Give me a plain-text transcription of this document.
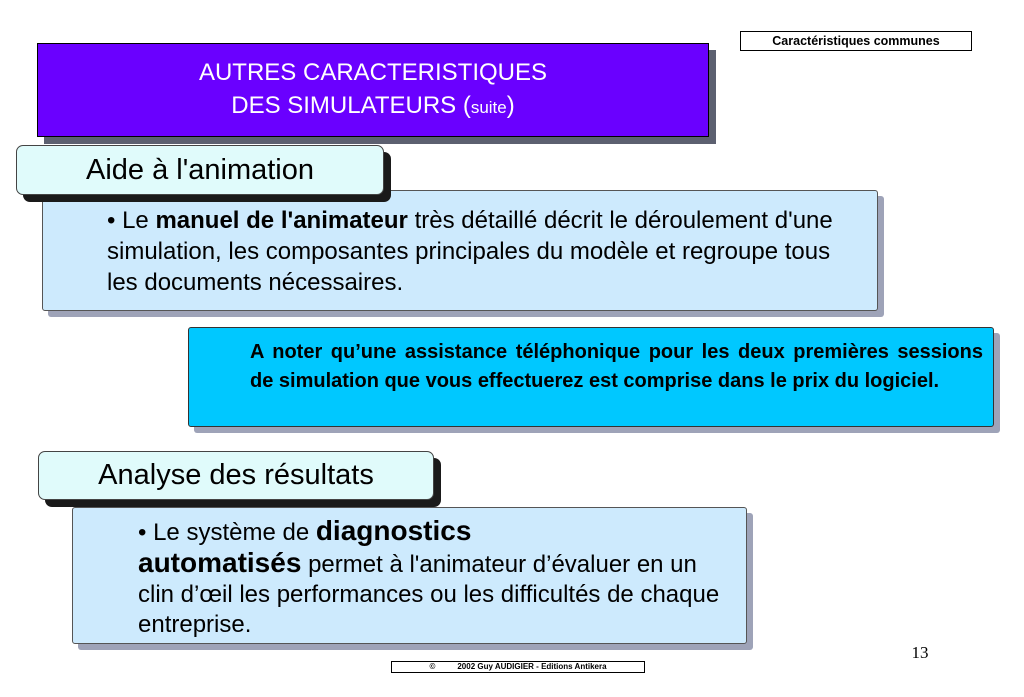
Caractéristiques communes
AUTRES CARACTERISTIQUES
DES SIMULATEURS (suite)
• Le manuel de l'animateur très détaillé décrit le déroulement d'une simulation, les composantes principales du modèle et regroupe tous les documents nécessaires.
Aide à l'animation

A noter qu’une assistance téléphonique pour les deux premières sessions de simulation que vous effectuerez est comprise dans le prix du logiciel.

• Le système de diagnostics
automatisés permet à l'animateur d’évaluer en un clin d’œil les performances ou les difficultés de chaque entreprise.
Analyse des résultats
13
©	2002 Guy AUDIGIER - Editions Antikera
